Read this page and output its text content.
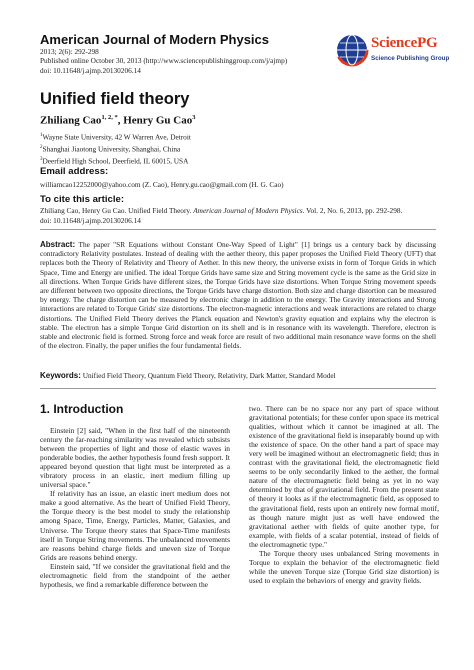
American Journal of Modern Physics
2013; 2(6): 292-298
Published online October 30, 2013 (http://www.sciencepublishinggroup.com/j/ajmp)
doi: 10.11648/j.ajmp.20130206.14
SciencePG
Science Publishing Group
Unified field theory
Zhiliang Cao$^{1, 2, *}$, Henry Gu Cao$^3$
$^1$Wayne State University, 42 W Warren Ave, Detroit
$^2$Shanghai Jiaotong University, Shanghai, China
$^3$Deerfield High School, Deerfield, IL 60015, USA
Email address:
williamcao12252000@yahoo.com (Z. Cao), Henry.gu.cao@gmail.com (H. G. Cao)
To cite this article:
Zhiliang Cao, Henry Gu Cao. Unified Field Theory. American Journal of Modern Physics. Vol. 2, No. 6, 2013, pp. 292-298.
doi: 10.11648/j.ajmp.20130206.14
Abstract: The paper "SR Equations without Constant One-Way Speed of Light" [1] brings us a century back by discussing contradictory Relativity postulates. Instead of dealing with the aether theory, this paper proposes the Unified Field Theory (UFT) that replaces both the Theory of Relativity and Theory of Aether. In this new theory, the universe exists in form of Torque Grids in which Space, Time and Energy are unified. The ideal Torque Grids have same size and String movement cycle is the same as the Grid size in all directions. When Torque Grids have different sizes, the Torque Grids have size distortions. When Torque String movement speeds are different between two opposite directions, the Torque Grids have charge distortion. Both size and charge distortion can be measured by energy. The charge distortion can be measured by electronic charge in addition to the energy. The Gravity interactions and Strong interactions are related to Torque Grids' size distortions. The electron-magnetic interactions and weak interactions are related to charge distortions. The Unified Field Theory derives the Planck equation and Newton's gravity equation and explains why the electron is stable. The electron has a simple Torque Grid distortion on its shell and is in resonance with its wavelength. Therefore, electron is stable and electronic field is formed. Strong force and weak force are result of two additional main resonance wave forms on the shell of the electron. Finally, the paper unifies the four fundamental fields.
Keywords: Unified Field Theory, Quantum Field Theory, Relativity, Dark Matter, Standard Model
1. Introduction

Einstein [2] said, "When in the first half of the nineteenth century the far-reaching similarity was revealed which subsists between the properties of light and those of elastic waves in ponderable bodies, the aether hypothesis found fresh support. It appeared beyond question that light must be interpreted as a vibratory process in an elastic, inert medium filling up universal space."

If relativity has an issue, an elastic inert medium does not make a good alternative. As the heart of Unified Field Theory, the Torque theory is the best model to study the relationship among Space, Time, Energy, Particles, Matter, Galaxies, and Universe. The Torque theory states that Space-Time manifests itself in Torque String movements. The unbalanced movements are reasons behind charge fields and uneven size of Torque Grids are reasons behind energy.

Einstein said, "If we consider the gravitational field and the electromagnetic field from the standpoint of the aether hypothesis, we find a remarkable difference between the

two. There can be no space nor any part of space without gravitational potentials; for these confer upon space its metrical qualities, without which it cannot be imagined at all. The existence of the gravitational field is inseparably bound up with the existence of space. On the other hand a part of space may very well be imagined without an electromagnetic field; thus in contrast with the gravitational field, the electromagnetic field seems to be only secondarily linked to the aether, the formal nature of the electromagnetic field being as yet in no way determined by that of gravitational field. From the present state of theory it looks as if the electromagnetic field, as opposed to the gravitational field, rests upon an entirely new formal motif, as though nature might just as well have endowed the gravitational aether with fields of quite another type, for example, with fields of a scalar potential, instead of fields of the electromagnetic type."

The Torque theory uses unbalanced String movements in Torque to explain the behavior of the electromagnetic field while the uneven Torque size (Torque Grid size distortion) is used to explain the behaviors of energy and gravity fields.
